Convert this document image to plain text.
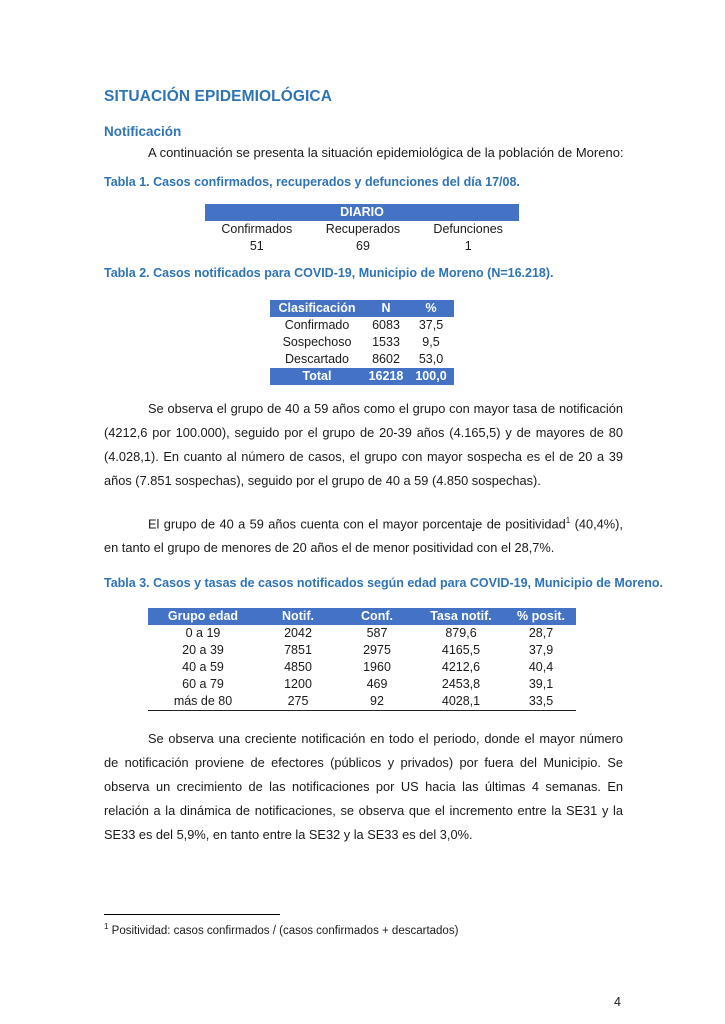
SITUACIÓN EPIDEMIOLÓGICA
Notificación
A continuación se presenta la situación epidemiológica de la población de Moreno:
Tabla 1. Casos confirmados, recuperados y defunciones del día 17/08.
DIARIO		
Confirmados	Recuperados	Defunciones
51	69	1
Tabla 2. Casos notificados para COVID-19, Municipio de Moreno (N=16.218).
Clasificación	N	%
Confirmado	6083	37,5
Sospechoso	1533	9,5
Descartado	8602	53,0
Total	16218	100,0

Se observa el grupo de 40 a 59 años como el grupo con mayor tasa de notificación (4212,6 por 100.000), seguido por el grupo de 20-39 años (4.165,5) y de mayores de 80 (4.028,1). En cuanto al número de casos, el grupo con mayor sospecha es el de 20 a 39 años (7.851 sospechas), seguido por el grupo de 40 a 59 (4.850 sospechas).

El grupo de 40 a 59 años cuenta con el mayor porcentaje de positividad$^1$ (40,4%), en tanto el grupo de menores de 20 años el de menor positividad con el 28,7%.

Tabla 3. Casos y tasas de casos notificados según edad para COVID-19, Municipio de Moreno.
Grupo edad	Notif.	Conf.	Tasa notif.	% posit.
0 a 19	2042	587	879,6	28,7
20 a 39	7851	2975	4165,5	37,9
40 a 59	4850	1960	4212,6	40,4
60 a 79	1200	469	2453,8	39,1
más de 80	275	92	4028,1	33,5

Se observa una creciente notificación en todo el periodo, donde el mayor número de notificación proviene de efectores (públicos y privados) por fuera del Municipio. Se observa un crecimiento de las notificaciones por US hacia las últimas 4 semanas. En relación a la dinámica de notificaciones, se observa que el incremento entre la SE31 y la SE33 es del 5,9%, en tanto entre la SE32 y la SE33 es del 3,0%.

$^1$ Positividad: casos confirmados / (casos confirmados + descartados)
4
